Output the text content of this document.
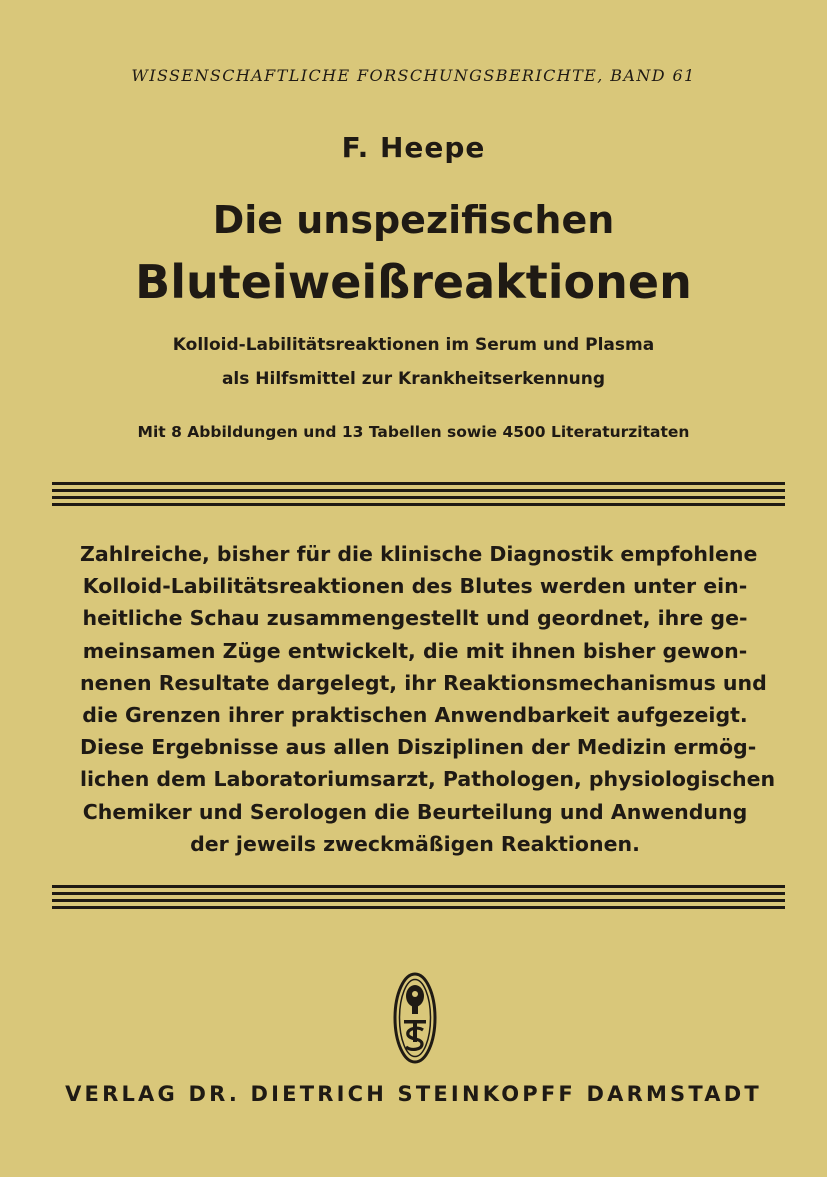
WISSENSCHAFTLICHE FORSCHUNGSBERICHTE, BAND 61
F. Heepe
Die unspezifischen
Bluteiweißreaktionen
Kolloid-Labilitätsreaktionen im Serum und Plasma
als Hilfsmittel zur Krankheitserkennung
Mit 8 Abbildungen und 13 Tabellen sowie 4500 Literaturzitaten
Zahlreiche, bisher für die klinische Diagnostik empfohlene
Kolloid-Labilitätsreaktionen des Blutes werden unter ein-
heitliche Schau zusammengestellt und geordnet, ihre ge-
meinsamen Züge entwickelt, die mit ihnen bisher gewon-
nenen Resultate dargelegt, ihr Reaktionsmechanismus und
die Grenzen ihrer praktischen Anwendbarkeit aufgezeigt.
Diese Ergebnisse aus allen Disziplinen der Medizin ermög-
lichen dem Laboratoriumsarzt, Pathologen, physiologischen
Chemiker und Serologen die Beurteilung und Anwendung
der jeweils zweckmäßigen Reaktionen.
VERLAG DR. DIETRICH STEINKOPFF DARMSTADT
